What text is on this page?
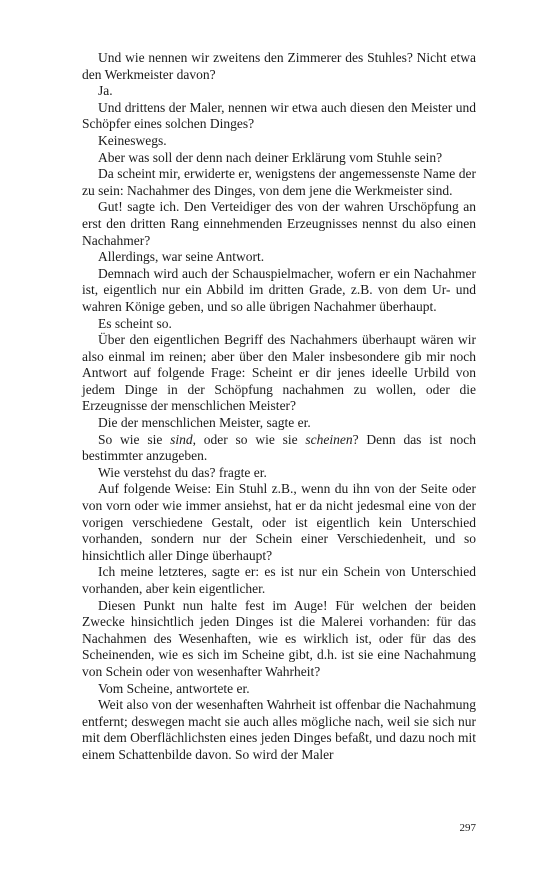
Und wie nennen wir zweitens den Zimmerer des Stuhles? Nicht etwa den Werkmeister davon?

Ja.

Und drittens der Maler, nennen wir etwa auch diesen den Meister und Schöpfer eines solchen Dinges?

Keineswegs.

Aber was soll der denn nach deiner Erklärung vom Stuhle sein?

Da scheint mir, erwiderte er, wenigstens der angemessenste Name der zu sein: Nachahmer des Dinges, von dem jene die Werkmeister sind.

Gut! sagte ich. Den Verteidiger des von der wahren Urschöpfung an erst den dritten Rang einnehmenden Erzeugnisses nennst du also einen Nachahmer?

Allerdings, war seine Antwort.

Demnach wird auch der Schauspielmacher, wofern er ein Nachahmer ist, eigentlich nur ein Abbild im dritten Grade, z.B. von dem Ur- und wahren Könige geben, und so alle übrigen Nachahmer überhaupt.

Es scheint so.

Über den eigentlichen Begriff des Nachahmers überhaupt wären wir also einmal im reinen; aber über den Maler insbesondere gib mir noch Antwort auf folgende Frage: Scheint er dir jenes ideelle Urbild von jedem Dinge in der Schöpfung nachahmen zu wollen, oder die Erzeugnisse der menschlichen Meister?

Die der menschlichen Meister, sagte er.

So wie sie sind, oder so wie sie scheinen? Denn das ist noch bestimmter anzugeben.

Wie verstehst du das? fragte er.

Auf folgende Weise: Ein Stuhl z.B., wenn du ihn von der Seite oder von vorn oder wie immer ansiehst, hat er da nicht jedesmal eine von der vorigen verschiedene Gestalt, oder ist eigentlich kein Unterschied vorhanden, sondern nur der Schein einer Verschiedenheit, und so hinsichtlich aller Dinge überhaupt?

Ich meine letzteres, sagte er: es ist nur ein Schein von Unterschied vorhanden, aber kein eigentlicher.

Diesen Punkt nun halte fest im Auge! Für welchen der beiden Zwecke hinsichtlich jeden Dinges ist die Malerei vorhanden: für das Nachahmen des Wesenhaften, wie es wirklich ist, oder für das des Scheinenden, wie es sich im Scheine gibt, d.h. ist sie eine Nachahmung von Schein oder von wesenhafter Wahrheit?

Vom Scheine, antwortete er.

Weit also von der wesenhaften Wahrheit ist offenbar die Nachahmung entfernt; deswegen macht sie auch alles mögliche nach, weil sie sich nur mit dem Oberflächlichsten eines jeden Dinges befaßt, und dazu noch mit einem Schattenbilde davon. So wird der Maler

297
